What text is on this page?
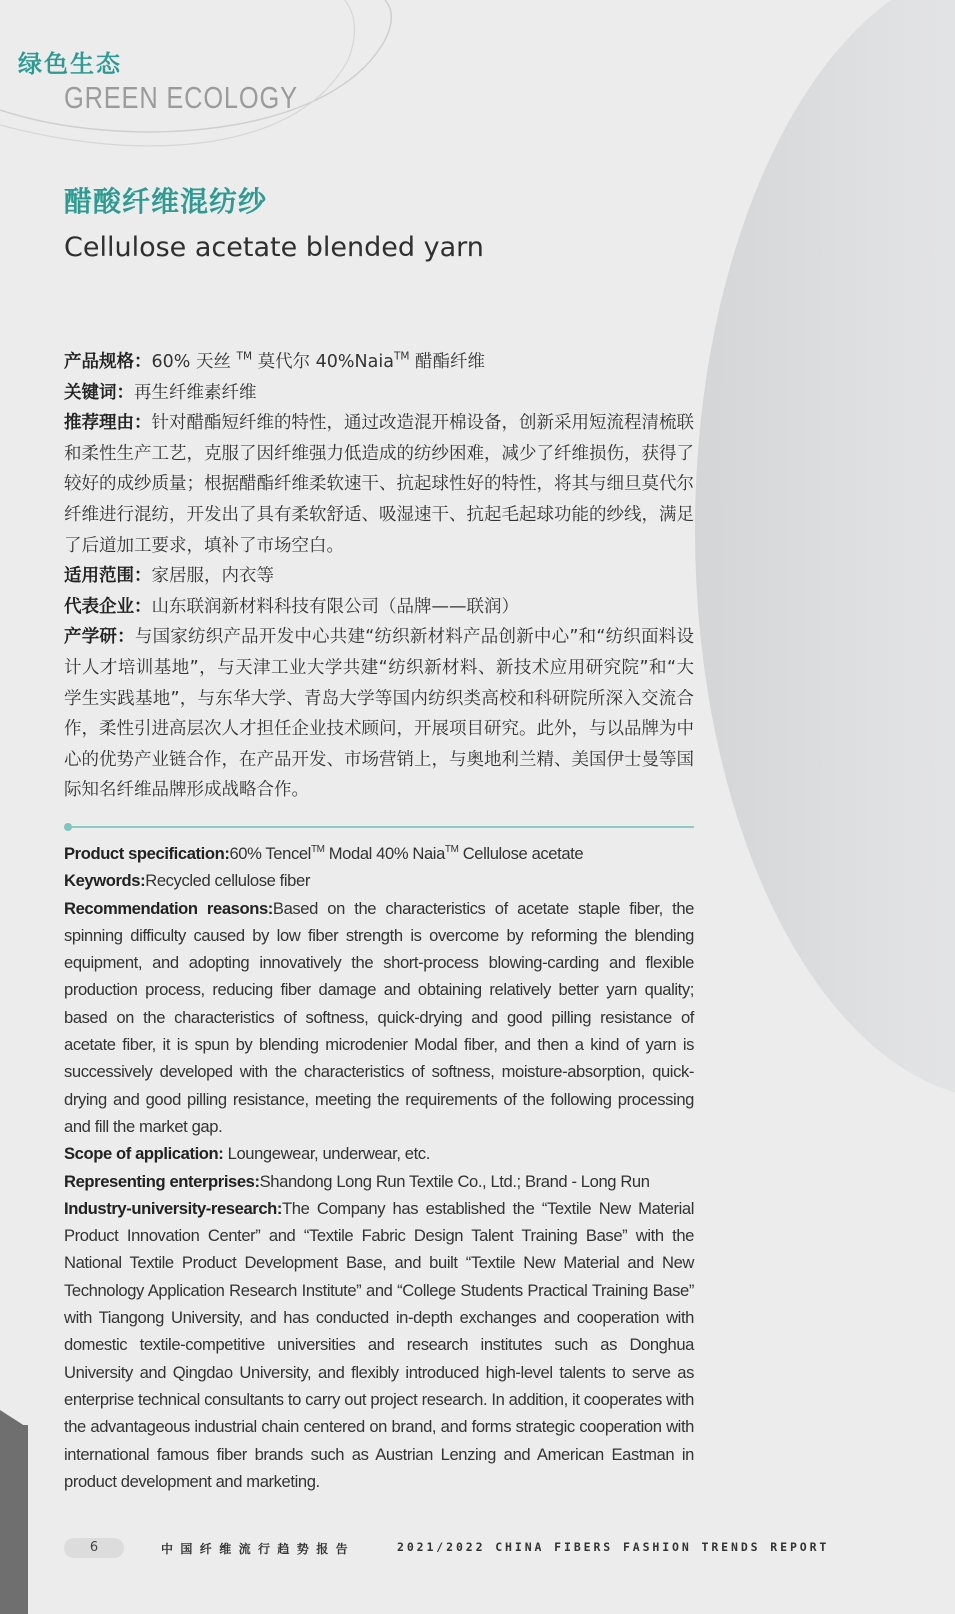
绿色生态
GREEN ECOLOGY
醋酸纤维混纺纱
Cellulose acetate blended yarn

产品规格：60% 天丝 ™ 莫代尔 40%Naia™ 醋酯纤维

关键词：再生纤维素纤维

推荐理由：针对醋酯短纤维的特性，通过改造混开棉设备，创新采用短流程清梳联和柔性生产工艺，克服了因纤维强力低造成的纺纱困难，减少了纤维损伤，获得了较好的成纱质量；根据醋酯纤维柔软速干、抗起球性好的特性，将其与细旦莫代尔纤维进行混纺，开发出了具有柔软舒适、吸湿速干、抗起毛起球功能的纱线，满足了后道加工要求，填补了市场空白。

适用范围：家居服，内衣等

代表企业：山东联润新材料科技有限公司（品牌——联润）

产学研：与国家纺织产品开发中心共建“纺织新材料产品创新中心”和“纺织面料设计人才培训基地”，与天津工业大学共建“纺织新材料、新技术应用研究院”和“大学生实践基地”，与东华大学、青岛大学等国内纺织类高校和科研院所深入交流合作，柔性引进高层次人才担任企业技术顾问，开展项目研究。此外，与以品牌为中心的优势产业链合作，在产品开发、市场营销上，与奥地利兰精、美国伊士曼等国际知名纤维品牌形成战略合作。

Product specification:60% Tencel™ Modal 40% Naia™ Cellulose acetate

Keywords:Recycled cellulose fiber

Recommendation reasons:Based on the characteristics of acetate staple fiber, the spinning difficulty caused by low fiber strength is overcome by reforming the blending equipment, and adopting innovatively the short-process blowing-carding and flexible production process, reducing fiber damage and obtaining relatively better yarn quality; based on the characteristics of softness, quick-drying and good pilling resistance of acetate fiber, it is spun by blending microdenier Modal fiber, and then a kind of yarn is successively developed with the characteristics of softness, moisture-absorption, quick-drying and good pilling resistance, meeting the requirements of the following processing and fill the market gap.

Scope of application: Loungewear, underwear, etc.

Representing enterprises:Shandong Long Run Textile Co., Ltd.; Brand - Long Run

Industry-university-research:The Company has established the “Textile New Material Product Innovation Center” and “Textile Fabric Design Talent Training Base” with the National Textile Product Development Base, and built “Textile New Material and New Technology Application Research Institute” and “College Students Practical Training Base” with Tiangong University, and has conducted in-depth exchanges and cooperation with domestic textile-competitive universities and research institutes such as Donghua University and Qingdao University, and flexibly introduced high-level talents to serve as enterprise technical consultants to carry out project research. In addition, it cooperates with the advantageous industrial chain centered on brand, and forms strategic cooperation with international famous fiber brands such as Austrian Lenzing and American Eastman in product development and marketing.

6	中国纤维流行趋势报告	2021/2022 CHINA FIBERS FASHION TRENDS REPORT
